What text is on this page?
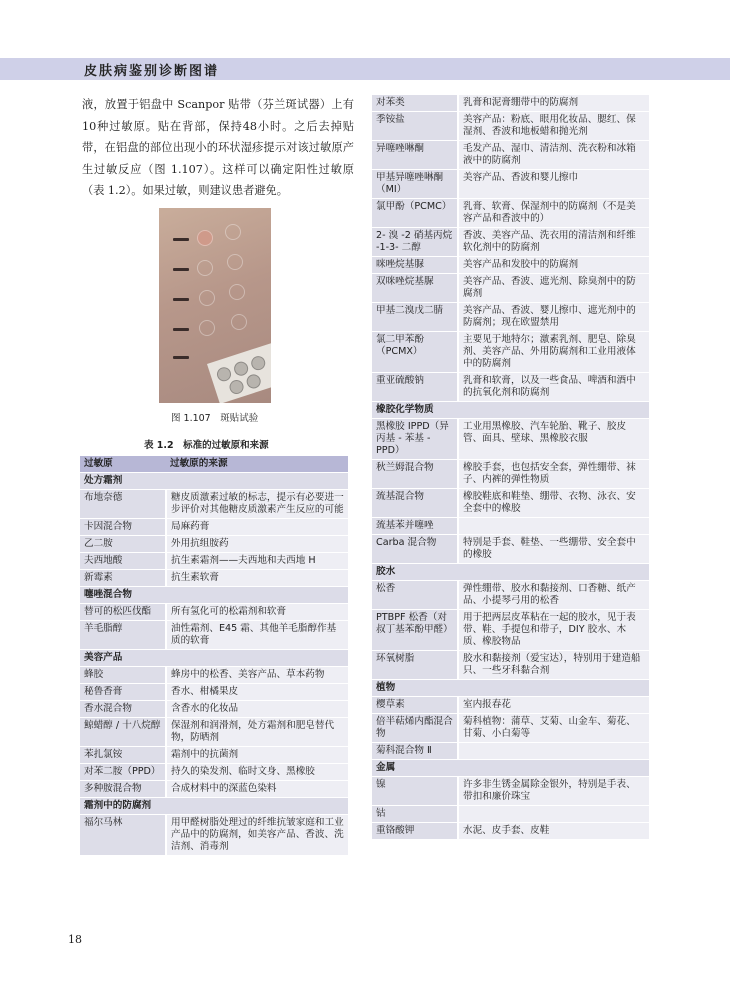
皮肤病鉴别诊断图谱
液，放置于铝盘中 Scanpor 贴带（芬兰斑试器）上有10种过敏原。贴在背部，保持48小时。之后去掉贴带，在铝盘的部位出现小的环状湿疹提示对该过敏原产生过敏反应（图 1.107）。这样可以确定阳性过敏原（表 1.2）。如果过敏，则建议患者避免。
图 1.107　斑贴试验
表 1.2　标准的过敏原和来源
过敏原	过敏原的来源
处方霜剂	
布地奈德	糖皮质激素过敏的标志，提示有必要进一步评价对其他糖皮质激素产生反应的可能
卡因混合物	局麻药膏
乙二胺	外用抗组胺药
夫西地酸	抗生素霜剂——夫西地和夫西地 H
新霉素	抗生素软膏
噻唑混合物	
替可的松匹伐酯	所有氢化可的松霜剂和软膏
羊毛脂醇	油性霜剂、E45 霜、其他羊毛脂醇作基质的软膏
美容产品	
蜂胶	蜂房中的松香、美容产品、草本药物
秘鲁香膏	香水、柑橘果皮
香水混合物	含香水的化妆品
鲸蜡醇 / 十八烷醇	保湿剂和润滑剂，处方霜剂和肥皂替代物，防晒剂
苯扎氯铵	霜剂中的抗菌剂
对苯二胺（PPD）	持久的染发剂、临时文身、黑橡胶
多种胺混合物	合成材料中的深蓝色染料
霜剂中的防腐剂	
福尔马林	用甲醛树脂处理过的纤维抗皱家庭和工业产品中的防腐剂，如美容产品、香波、洗洁剂、消毒剂
对苯类	乳膏和泥膏绷带中的防腐剂
季铵盐	美容产品：粉底、眼用化妆品、腮红、保湿剂、香波和地板蜡和抛光剂
异噻唑啉酮	毛发产品、湿巾、清洁剂、洗衣粉和冰箱液中的防腐剂
甲基异噻唑啉酮（MI）	美容产品、香波和婴儿擦巾
氯甲酚（PCMC）	乳膏、软膏、保湿剂中的防腐剂（不是美容产品和香波中的）
2- 溴 -2 硝基丙烷 -1-3- 二醇	香波、美容产品、洗衣用的清洁剂和纤维软化剂中的防腐剂
咪唑烷基脲	美容产品和发胶中的防腐剂
双咪唑烷基脲	美容产品、香波、遮光剂、除臭剂中的防腐剂
甲基二溴戊二腈	美容产品、香波、婴儿擦巾、遮光剂中的防腐剂；现在欧盟禁用
氯二甲苯酚（PCMX）	主要见于地特尔；激素乳剂、肥皂、除臭剂、美容产品、外用防腐剂和工业用液体中的防腐剂
重亚硫酸钠	乳膏和软膏，以及一些食品、啤酒和酒中的抗氧化剂和防腐剂
橡胶化学物质	
黑橡胶 IPPD（异丙基 - 苯基 -PPD）	工业用黑橡胶、汽车轮胎、靴子、胶皮管、面具、壁球、黑橡胶衣服
秋兰姆混合物	橡胶手套，也包括安全套，弹性绷带、袜子、内裤的弹性物质
巯基混合物	橡胶鞋底和鞋垫、绷带、衣物、泳衣、安全套中的橡胶
巯基苯并噻唑	
Carba 混合物	特别是手套、鞋垫、一些绷带、安全套中的橡胶
胶水	
松香	弹性绷带、胶水和黏接剂、口香糖、纸产品、小提琴弓用的松香
PTBPF 松香（对叔丁基苯酚甲醛）	用于把两层皮革粘在一起的胶水，见于表带、鞋、手提包和带子，DIY 胶水、木质、橡胶物品
环氧树脂	胶水和黏接剂（爱宝达），特别用于建造船只、一些牙科黏合剂
植物	
樱草素	室内报春花
倍半萜烯内酯混合物	菊科植物：蒲草、艾菊、山金车、菊花、甘菊、小白菊等
菊科混合物 Ⅱ	
金属	
镍	许多非生锈金属除金银外，特别是手表、带扣和廉价珠宝
钴	
重铬酸钾	水泥、皮手套、皮鞋
18
